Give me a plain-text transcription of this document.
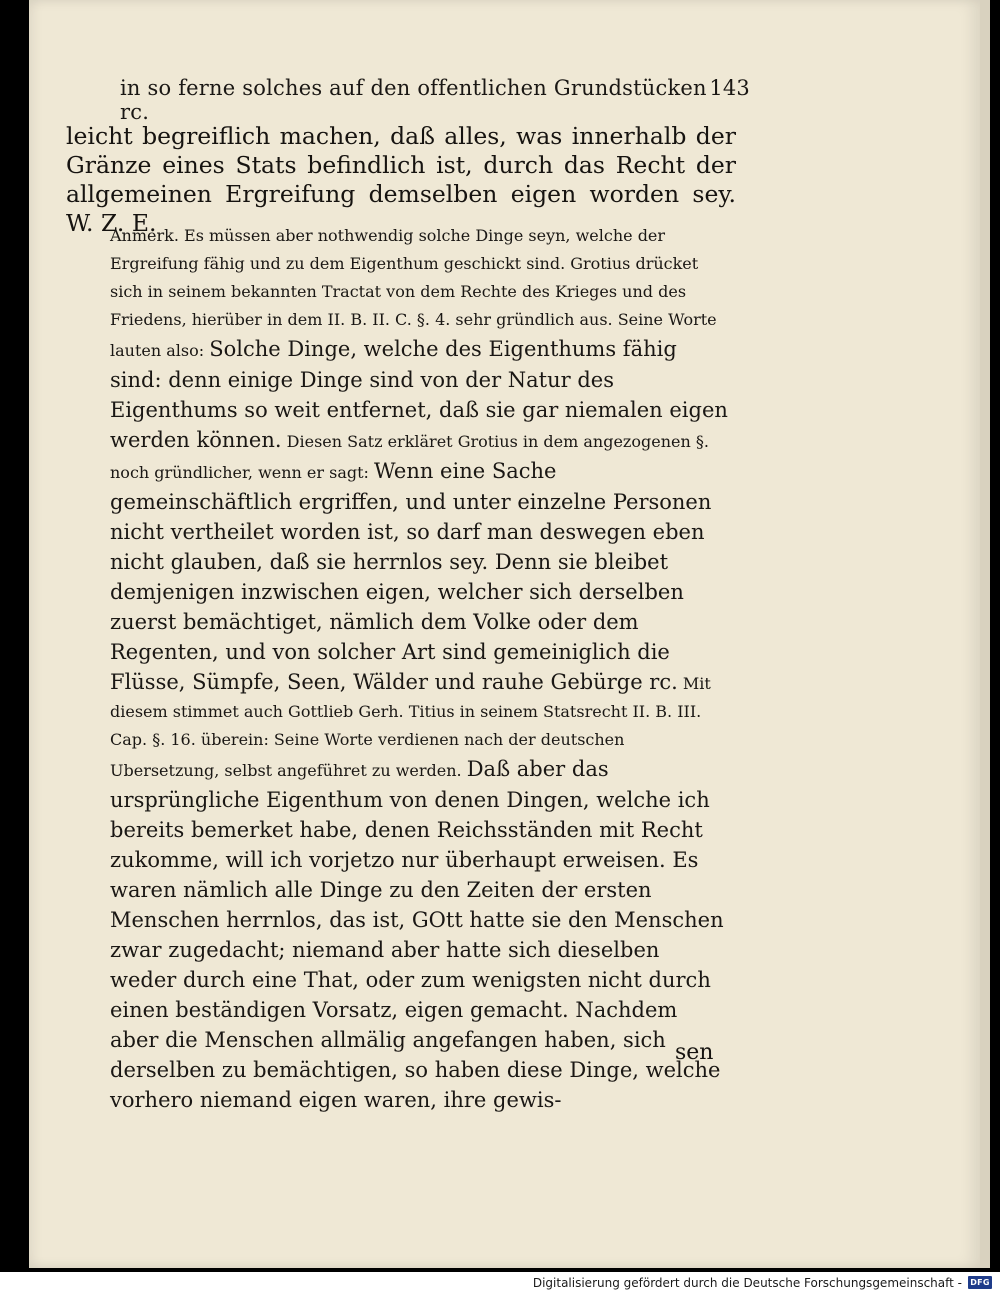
in so ferne solches auf den offentlichen Grundstücken rc.
143

leicht begreiflich machen, daß alles, was innerhalb der Gränze eines Stats befindlich ist, durch das Recht der allgemeinen Ergreifung demselben eigen worden sey. W. Z. E.

Anmerk. Es müssen aber nothwendig solche Dinge seyn, welche der Ergreifung fähig und zu dem Eigenthum geschickt sind. Grotius drücket sich in seinem bekannten Tractat von dem Rechte des Krieges und des Friedens, hierüber in dem II. B. II. C. §. 4. sehr gründlich aus. Seine Worte lauten also: Solche Dinge, welche des Eigenthums fähig sind: denn einige Dinge sind von der Natur des Eigenthums so weit entfernet, daß sie gar niemalen eigen werden können. Diesen Satz erkläret Grotius in dem angezogenen §. noch gründlicher, wenn er sagt: Wenn eine Sache gemeinschäftlich ergriffen, und unter einzelne Personen nicht vertheilet worden ist, so darf man deswegen eben nicht glauben, daß sie herrnlos sey. Denn sie bleibet demjenigen inzwischen eigen, welcher sich derselben zuerst bemächtiget, nämlich dem Volke oder dem Regenten, und von solcher Art sind gemeiniglich die Flüsse, Sümpfe, Seen, Wälder und rauhe Gebürge rc. Mit diesem stimmet auch Gottlieb Gerh. Titius in seinem Statsrecht II. B. III. Cap. §. 16. überein: Seine Worte verdienen nach der deutschen Ubersetzung, selbst angeführet zu werden. Daß aber das ursprüngliche Eigenthum von denen Dingen, welche ich bereits bemerket habe, denen Reichsständen mit Recht zukomme, will ich vorjetzo nur überhaupt erweisen. Es waren nämlich alle Dinge zu den Zeiten der ersten Menschen herrnlos, das ist, GOtt hatte sie den Menschen zwar zugedacht; niemand aber hatte sich dieselben weder durch eine That, oder zum wenigsten nicht durch einen beständigen Vorsatz, eigen gemacht. Nachdem aber die Menschen allmälig angefangen haben, sich derselben zu bemächtigen, so haben diese Dinge, welche vorhero niemand eigen waren, ihre gewis-

sen
Digitalisierung gefördert durch die Deutsche Forschungsgemeinschaft - DFG
